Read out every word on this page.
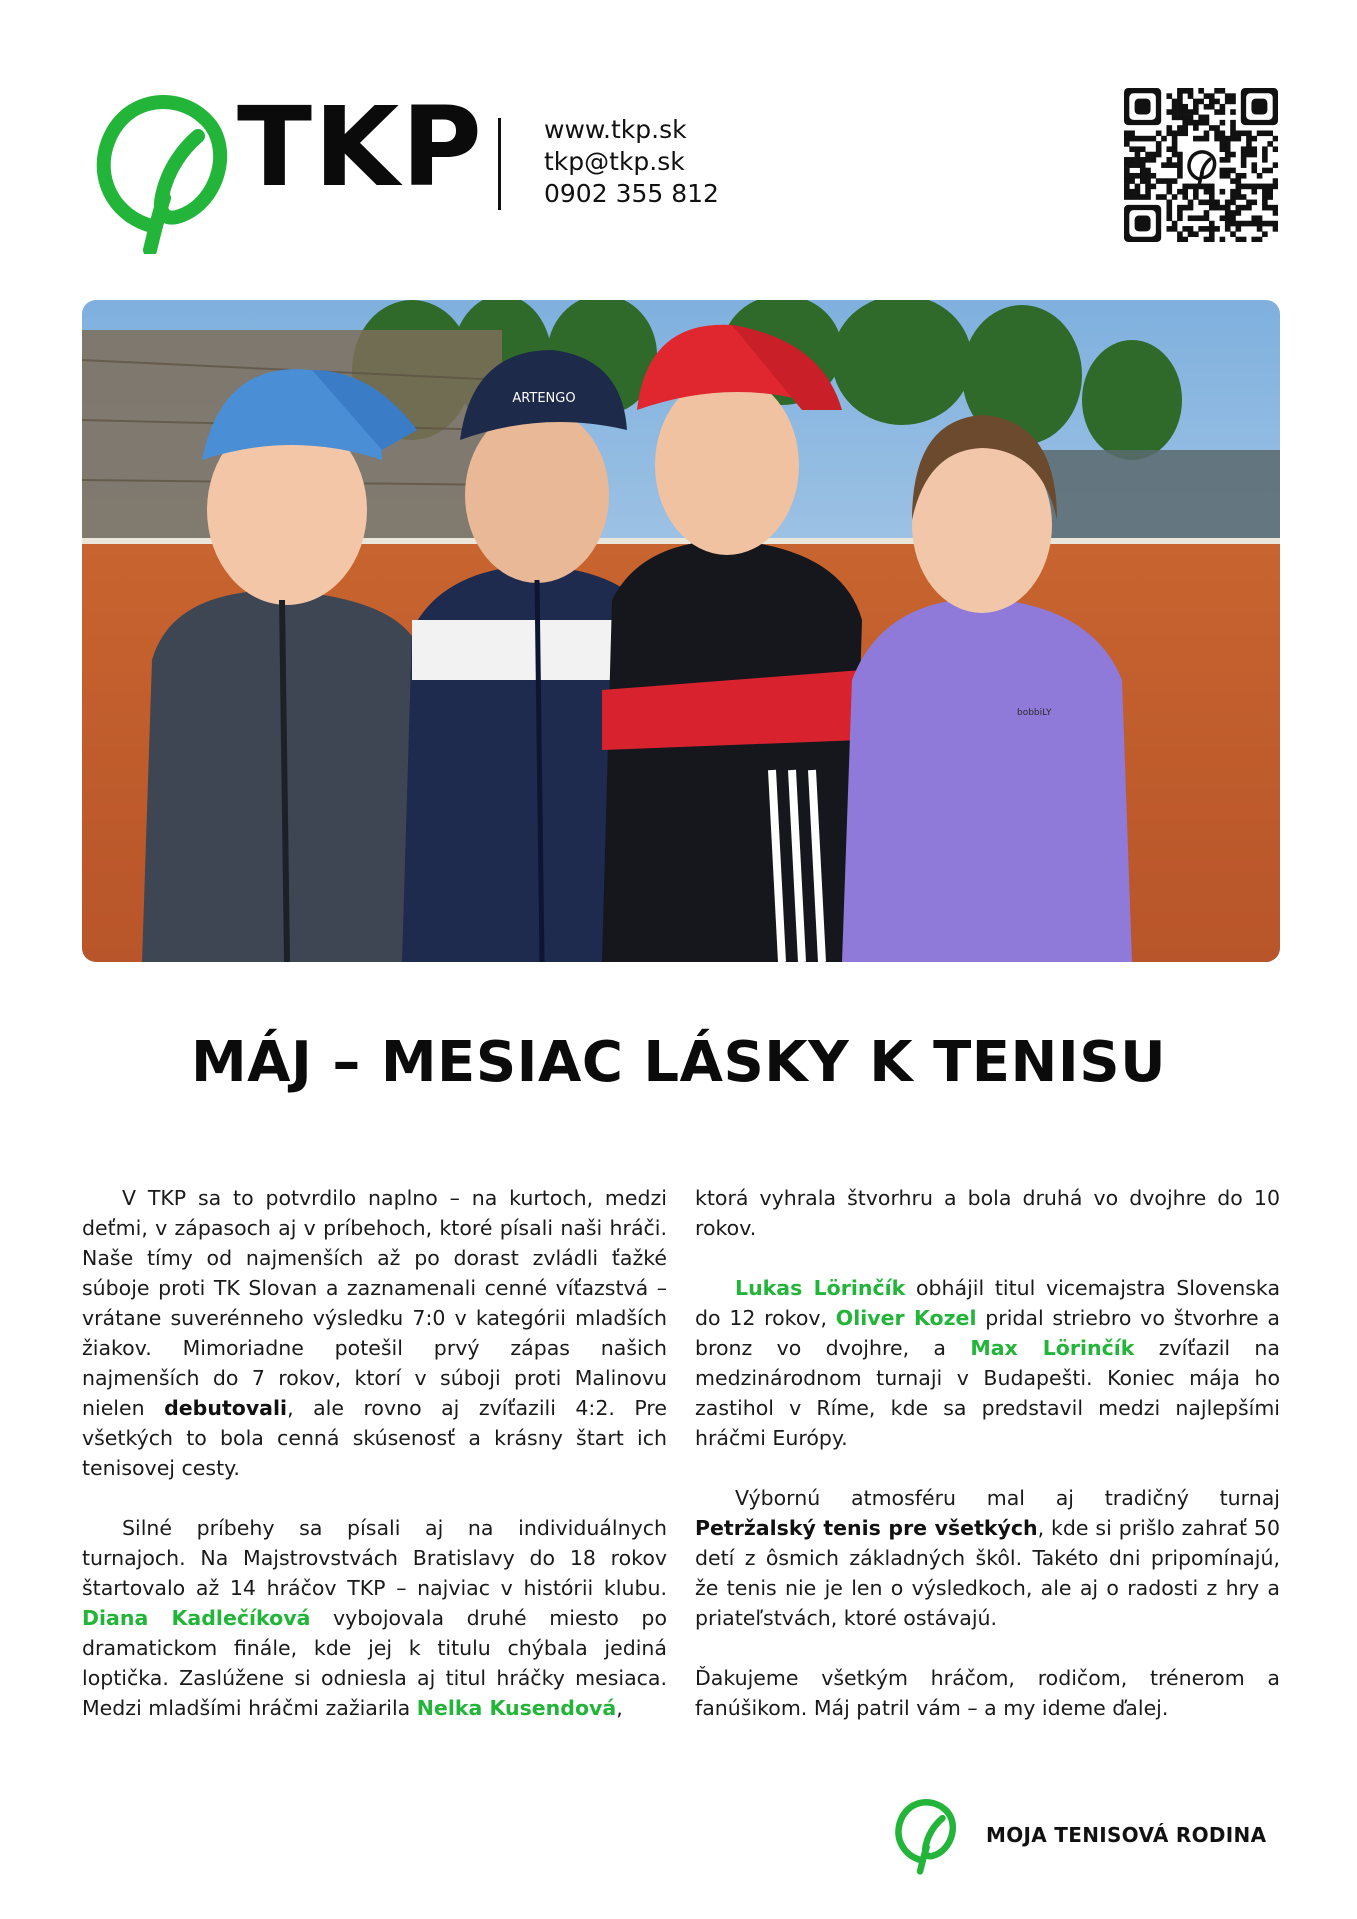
TKP www.tkp.sk
tkp@tkp.sk
0902 355 812
ARTENGO
bobbiLY
MÁJ – MESIAC LÁSKY K TENISU

V TKP sa to potvrdilo naplno – na kurtoch, medzi deťmi, v zápasoch aj v príbehoch, ktoré písali naši hráči. Naše tímy od najmenších až po dorast zvládli ťažké súboje proti TK Slovan a zaznamenali cenné víťazstvá – vrátane suverénneho výsledku 7:0 v kategórii mladších žiakov. Mimoriadne potešil prvý zápas našich najmenších do 7 rokov, ktorí v súboji proti Malinovu nielen debutovali, ale rovno aj zvíťazili 4:2. Pre všetkých to bola cenná skúsenosť a krásny štart ich tenisovej cesty.

Silné príbehy sa písali aj na individuálnych turnajoch. Na Majstrovstvách Bratislavy do 18 rokov štartovalo až 14 hráčov TKP – najviac v histórii klubu. Diana Kadlečíková vybojovala druhé miesto po dramatickom finále, kde jej k titulu chýbala jediná loptička. Zaslúžene si odniesla aj titul hráčky mesiaca. Medzi mladšími hráčmi zažiarila Nelka Kusendová,

ktorá vyhrala štvorhru a bola druhá vo dvojhre do 10 rokov.

Lukas Lörinčík obhájil titul vicemajstra Slovenska do 12 rokov, Oliver Kozel pridal striebro vo štvorhre a bronz vo dvojhre, a Max Lörinčík zvíťazil na medzinárodnom turnaji v Budapešti. Koniec mája ho zastihol v Ríme, kde sa predstavil medzi najlepšími hráčmi Európy.

Výbornú atmosféru mal aj tradičný turnaj Petržalský tenis pre všetkých, kde si prišlo zahrať 50 detí z ôsmich základných škôl. Takéto dni pripomínajú, že tenis nie je len o výsledkoch, ale aj o radosti z hry a priateľstvách, ktoré ostávajú.

Ďakujeme všetkým hráčom, rodičom, trénerom a fanúšikom. Máj patril vám – a my ideme ďalej.

MOJA TENISOVÁ RODINA
